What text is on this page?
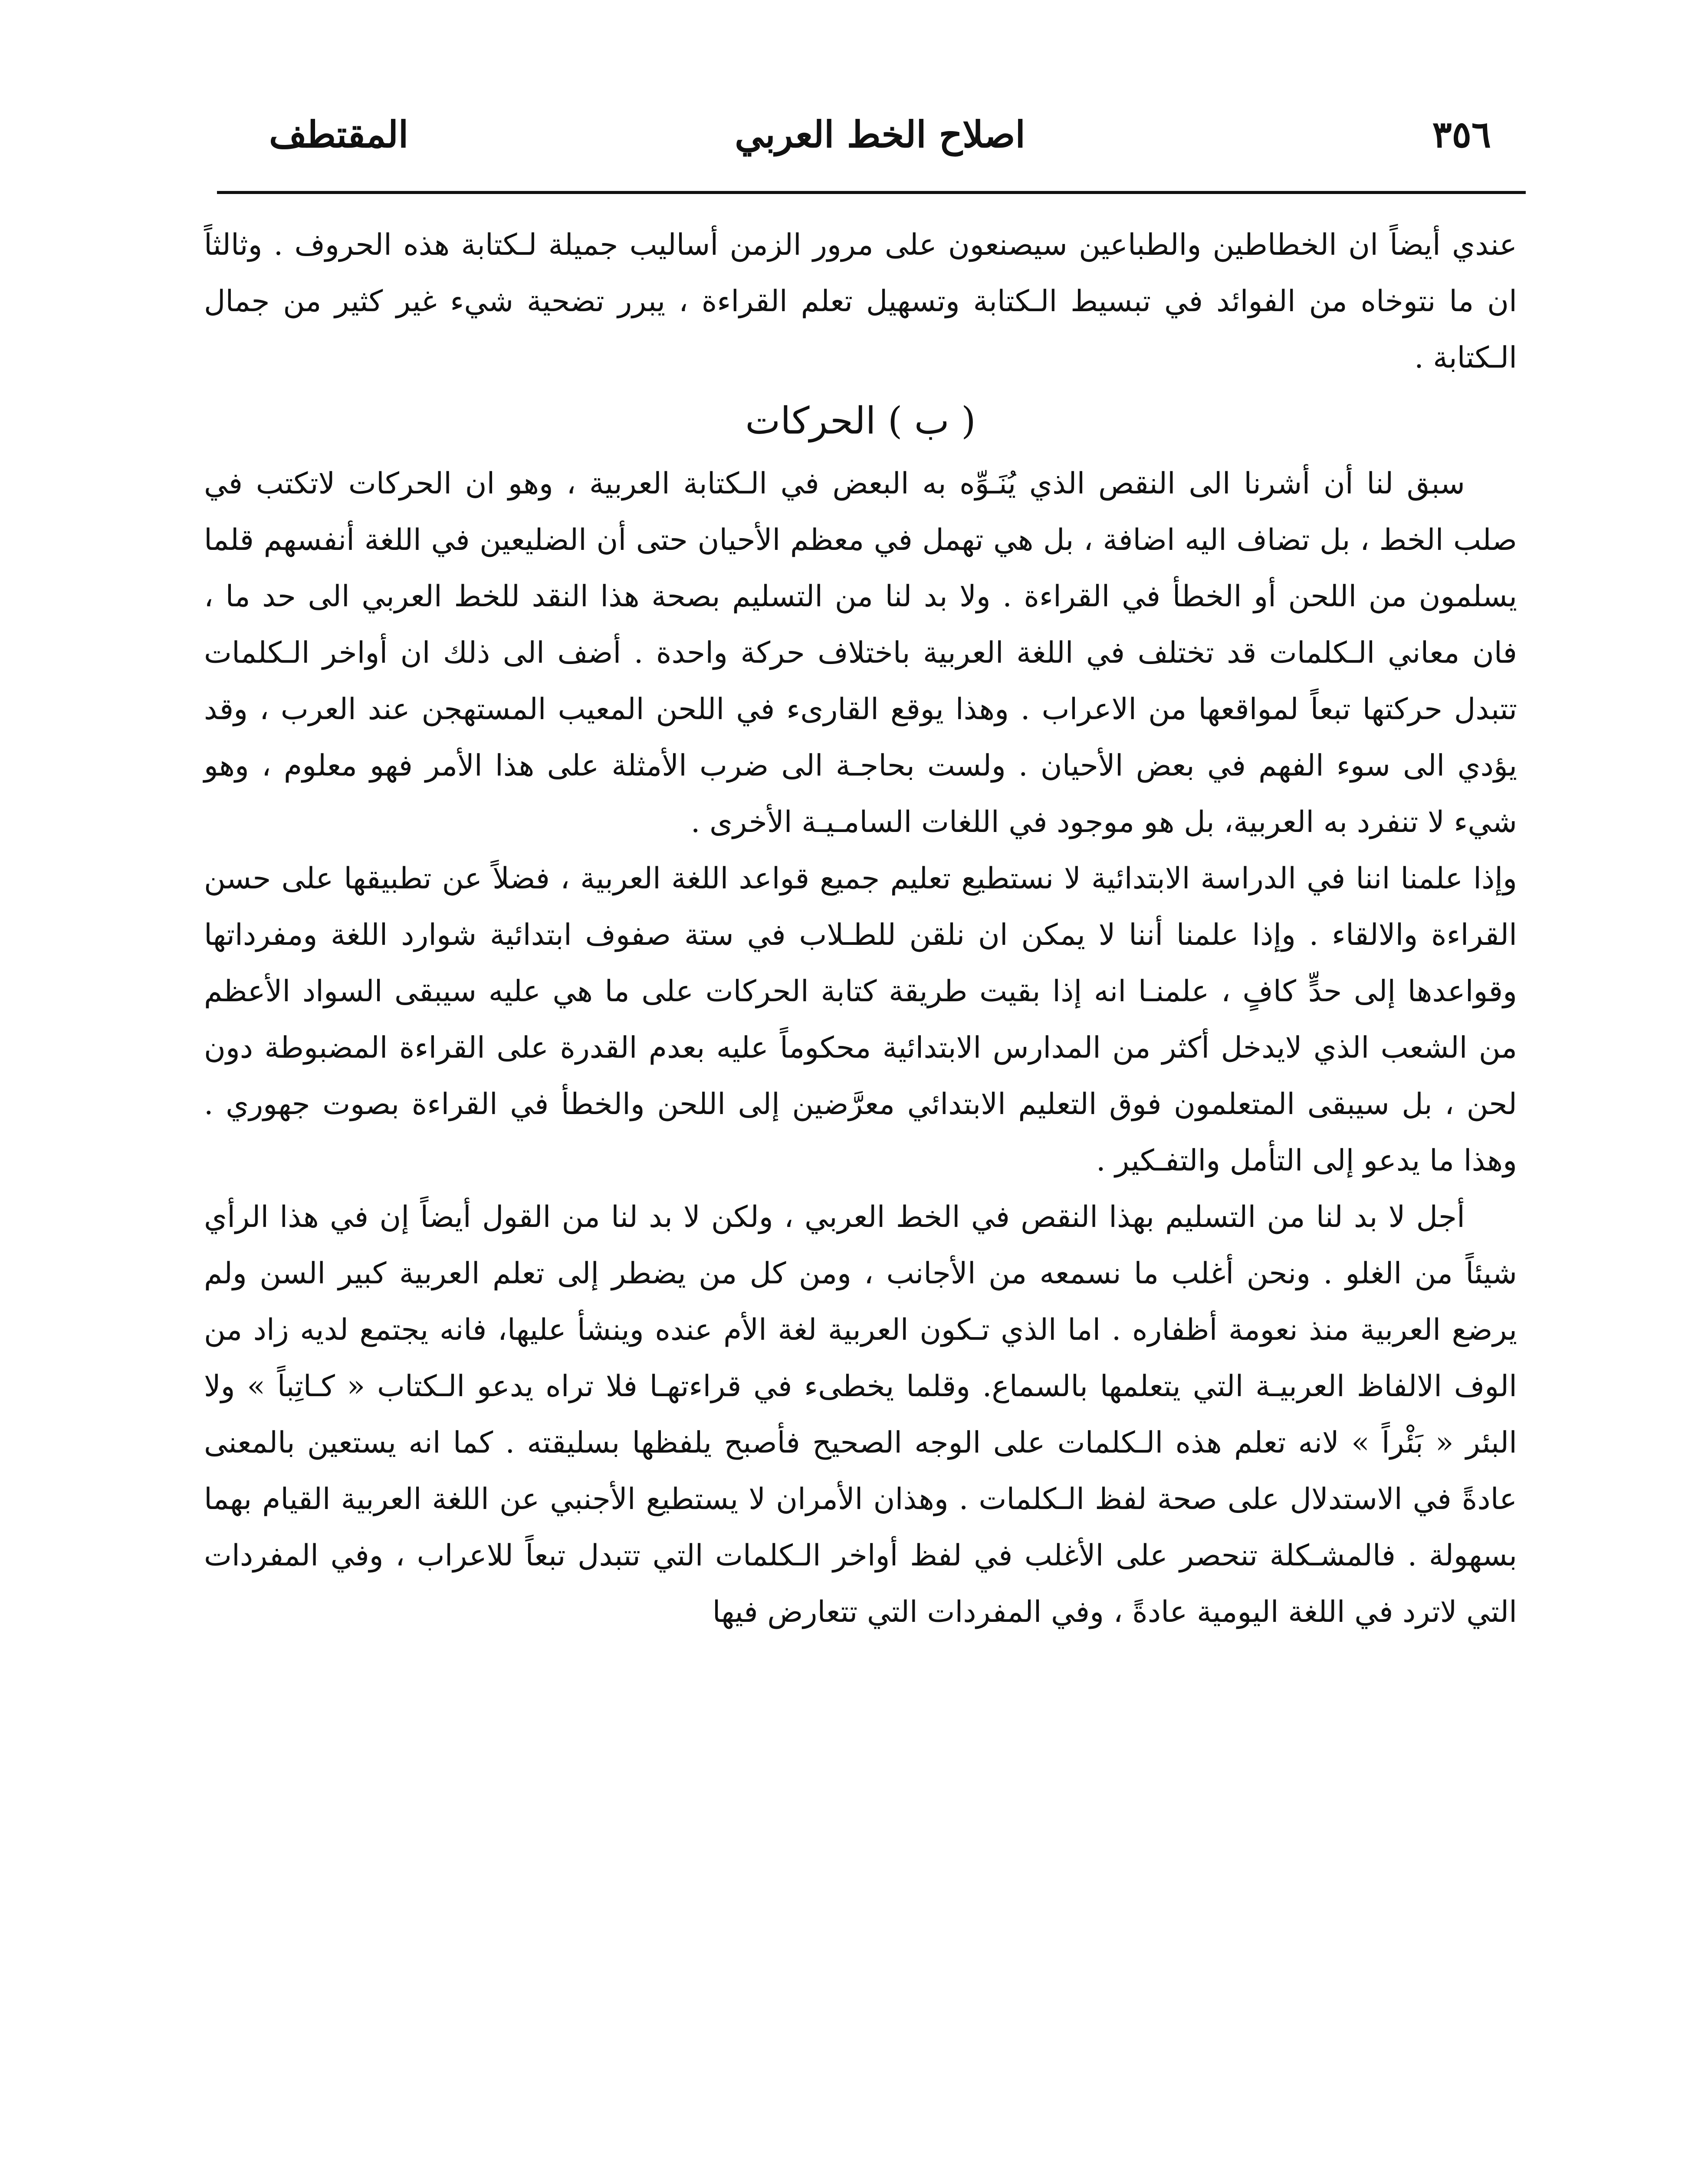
٣٥٦
اصلاح الخط العربي
المقتطف

عندي أيضاً ان الخطاطين والطباعين سيصنعون على مرور الزمن أساليب جميلة لـكتابة هذه الحروف . وثالثاً ان ما نتوخاه من الفوائد في تبسيط الـكتابة وتسهيل تعلم القراءة ، يبرر تضحية شيء غير كثير من جمال الـكتابة .

( ب ) الحركات

سبق لنا أن أشرنا الى النقص الذي يُنَـوِّه به البعض في الـكتابة العربية ، وهو ان الحركات لاتكتب في صلب الخط ، بل تضاف اليه اضافة ، بل هي تهمل في معظم الأحيان حتى أن الضليعين في اللغة أنفسهم قلما يسلمون من اللحن أو الخطأ في القراءة . ولا بد لنا من التسليم بصحة هذا النقد للخط العربي الى حد ما ، فان معاني الـكلمات قد تختلف في اللغة العربية باختلاف حركة واحدة . أضف الى ذلك ان أواخر الـكلمات تتبدل حركتها تبعاً لمواقعها من الاعراب . وهذا يوقع القارىء في اللحن المعيب المستهجن عند العرب ، وقد يؤدي الى سوء الفهم في بعض الأحيان . ولست بحاجـة الى ضرب الأمثلة على هذا الأمر فهو معلوم ، وهو شيء لا تنفرد به العربية، بل هو موجود في اللغات السامـيـة الأخرى .

وإذا علمنا اننا في الدراسة الابتدائية لا نستطيع تعليم جميع قواعد اللغة العربية ، فضلاً عن تطبيقها على حسن القراءة والالقاء . وإذا علمنا أننا لا يمكن ان نلقن للطـلاب في ستة صفوف ابتدائية شوارد اللغة ومفرداتها وقواعدها إلى حدٍّ كافٍ ، علمنـا انه إذا بقيت طريقة كتابة الحركات على ما هي عليه سيبقى السواد الأعظم من الشعب الذي لايدخل أكثر من المدارس الابتدائية محكوماً عليه بعدم القدرة على القراءة المضبوطة دون لحن ، بل سيبقى المتعلمون فوق التعليم الابتدائي معرَّضين إلى اللحن والخطأ في القراءة بصوت جهوري . وهذا ما يدعو إلى التأمل والتفـكير .

أجل لا بد لنا من التسليم بهذا النقص في الخط العربي ، ولكن لا بد لنا من القول أيضاً إن في هذا الرأي شيئاً من الغلو . ونحن أغلب ما نسمعه من الأجانب ، ومن كل من يضطر إلى تعلم العربية كبير السن ولم يرضع العربية منذ نعومة أظفاره . اما الذي تـكون العربية لغة الأم عنده وينشأ عليها، فانه يجتمع لديه زاد من الوف الالفاظ العربيـة التي يتعلمها بالسماع. وقلما يخطىء في قراءتهـا فلا تراه يدعو الـكتاب « كـاتِباً » ولا البئر « بَئْراً » لانه تعلم هذه الـكلمات على الوجه الصحيح فأصبح يلفظها بسليقته . كما انه يستعين بالمعنى عادةً في الاستدلال على صحة لفظ الـكلمات . وهذان الأمران لا يستطيع الأجنبي عن اللغة العربية القيام بهما بسهولة . فالمشـكلة تنحصر على الأغلب في لفظ أواخر الـكلمات التي تتبدل تبعاً للاعراب ، وفي المفردات التي لاترد في اللغة اليومية عادةً ، وفي المفردات التي تتعارض فيها
